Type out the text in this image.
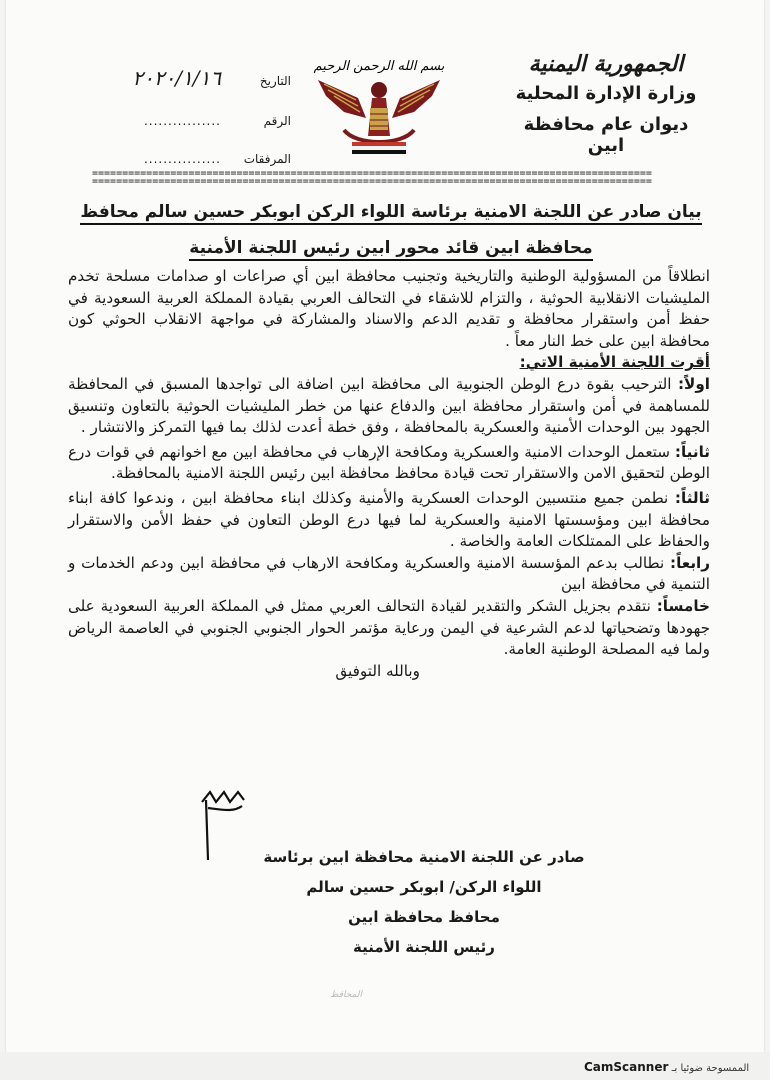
الجمهورية اليمنية
وزارة الإدارة المحلية
ديوان عام محافظة ابين
بسم الله الرحمن الرحيم
التاريخ
٢٠٢٠/١/١٦
الرقم
................
المرفقات
................
=============================================================================================
=============================================================================================
بيان صادر عن اللجنة الامنية برئاسة اللواء الركن ابوبكر حسين سالم محافظ
محافظة ابين قائد محور ابين رئيس اللجنة الأمنية

انطلاقاً من المسؤولية الوطنية والتاريخية وتجنيب محافظة ابين أي صراعات او صدامات مسلحة تخدم المليشيات الانقلابية الحوثية ، والتزام للاشقاء في التحالف العربي بقيادة المملكة العربية السعودية في حفظ أمن واستقرار محافظة و تقديم الدعم والاسناد والمشاركة في مواجهة الانقلاب الحوثي كون محافظة ابين على خط النار معاً .

أقرت اللجنة الأمنية الاتي:

اولاً: الترحيب بقوة درع الوطن الجنوبية الى محافظة ابين اضافة الى تواجدها المسبق في المحافظة للمساهمة في أمن واستقرار محافظة ابين والدفاع عنها من خطر المليشيات الحوثية بالتعاون وتنسيق الجهود بين الوحدات الأمنية والعسكرية بالمحافظة ، وفق خطة أعدت لذلك بما فيها التمركز والانتشار .

ثانياً: ستعمل الوحدات الامنية والعسكرية ومكافحة الإرهاب في محافظة ابين مع اخوانهم في قوات درع الوطن لتحقيق الامن والاستقرار تحت قيادة محافظ محافظة ابين رئيس اللجنة الامنية بالمحافظة.

ثالثاً: نطمن جميع منتسبين الوحدات العسكرية والأمنية وكذلك ابناء محافظة ابين ، وندعوا كافة ابناء محافظة ابين ومؤسستها الامنية والعسكرية لما فيها درع الوطن التعاون في حفظ الأمن والاستقرار والحفاظ على الممتلكات العامة والخاصة .

رابعاً: نطالب بدعم المؤسسة الامنية والعسكرية ومكافحة الارهاب في محافظة ابين ودعم الخدمات و التنمية في محافظة ابين

خامساً: نتقدم بجزيل الشكر والتقدير لقيادة التحالف العربي ممثل في المملكة العربية السعودية على جهودها وتضحياتها لدعم الشرعية في اليمن ورعاية مؤتمر الحوار الجنوبي الجنوبي في العاصمة الرياض ولما فيه المصلحة الوطنية العامة.

وبالله التوفيق

صادر عن اللجنة الامنية محافظة ابين برئاسة
اللواء الركن/ ابوبكر حسين سالم
محافظ محافظة ابين
رئيس اللجنة الأمنية
المحافظ
الممسوحة ضوئيا بـ CamScanner
